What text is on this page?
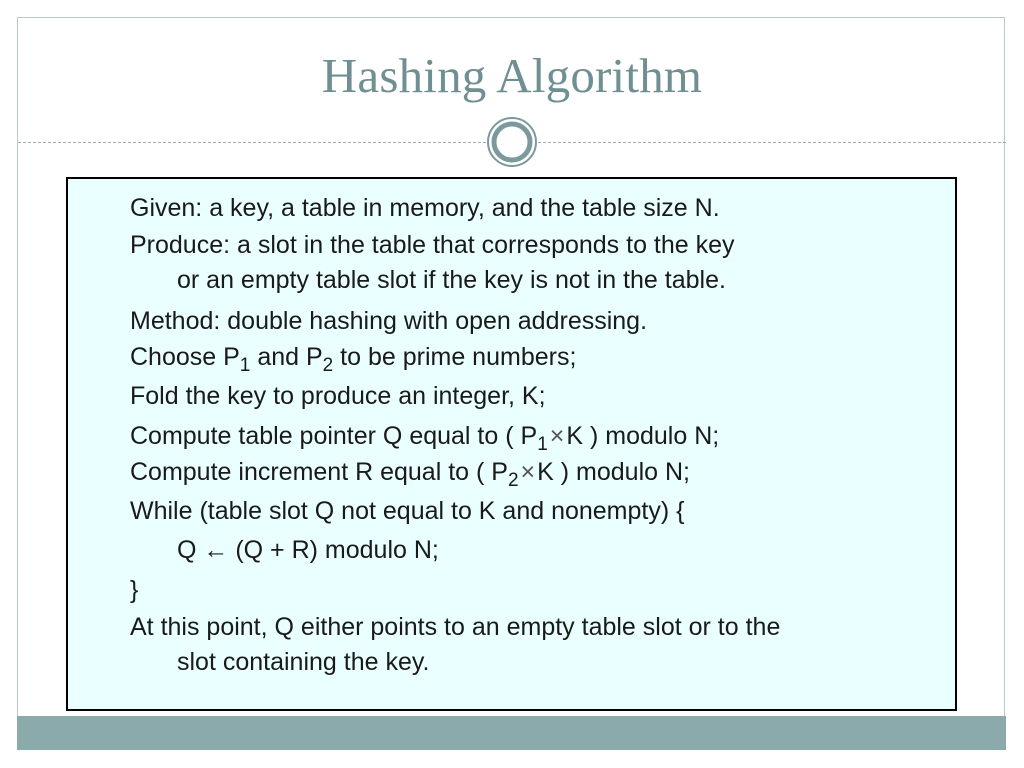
Hashing Algorithm
Given: a key, a table in memory, and the table size N.
Produce: a slot in the table that corresponds to the key
or an empty table slot if the key is not in the table.
Method: double hashing with open addressing.
Choose $P_1$ and $P_2$ to be prime numbers;
Fold the key to produce an integer, K;
Compute table pointer Q equal to ( $P_1\times K$ ) modulo N;
Compute increment R equal to ( $P_2\times K$ ) modulo N;
While (table slot Q not equal to K and nonempty) {
Q ← (Q + R) modulo N;
}
At this point, Q either points to an empty table slot or to the
slot containing the key.
